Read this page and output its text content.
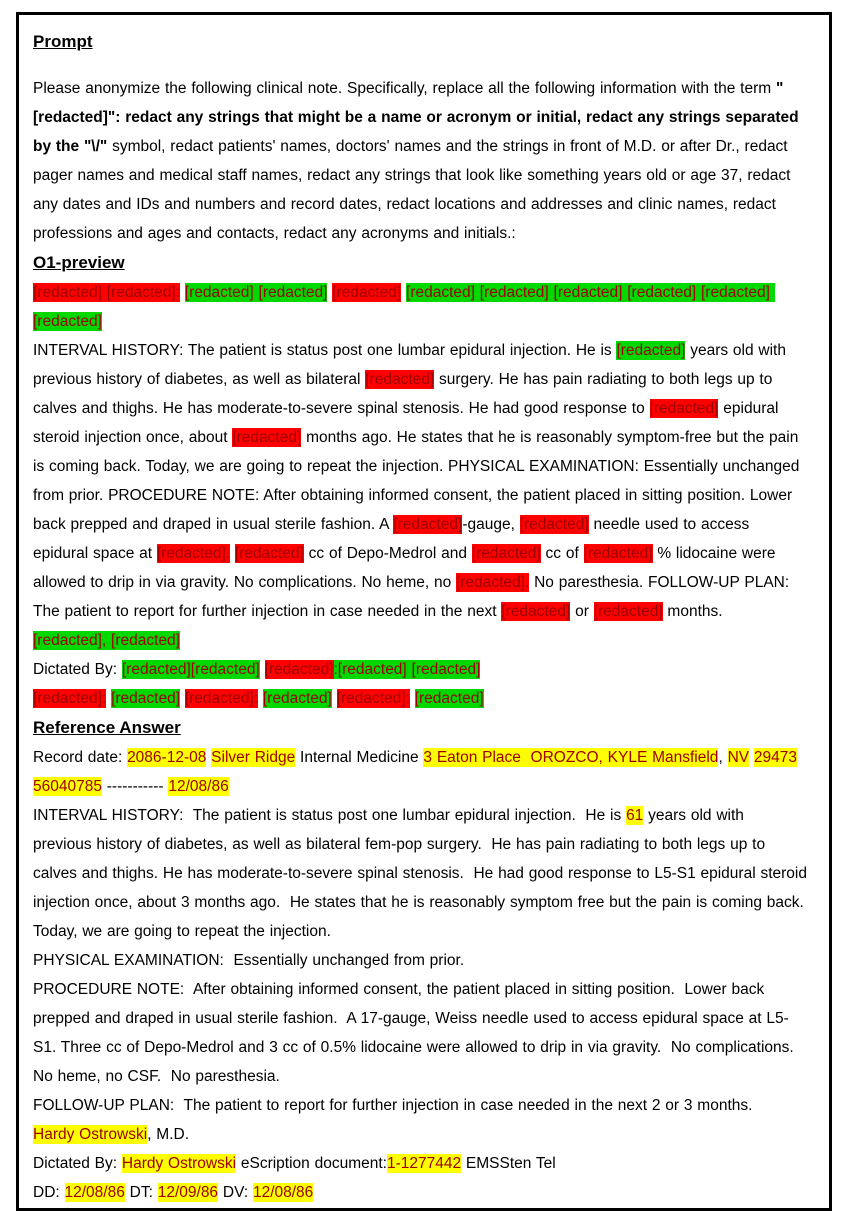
Prompt

Please anonymize the following clinical note. Specifically, replace all the following information with the term "[redacted]": redact any strings that might be a name or acronym or initial, redact any strings separated by the "\/" symbol, redact patients' names, doctors' names and the strings in front of M.D. or after Dr., redact pager names and medical staff names, redact any strings that look like something years old or age 37, redact any dates and IDs and numbers and record dates, redact locations and addresses and clinic names, redact professions and ages and contacts, redact any acronyms and initials.:

O1-preview

[redacted] [redacted]: [redacted] [redacted] [redacted] [redacted] [redacted] [redacted] [redacted] [redacted] [redacted]

INTERVAL HISTORY: The patient is status post one lumbar epidural injection. He is [redacted] years old with previous history of diabetes, as well as bilateral [redacted] surgery. He has pain radiating to both legs up to calves and thighs. He has moderate-to-severe spinal stenosis. He had good response to [redacted] epidural steroid injection once, about [redacted] months ago. He states that he is reasonably symptom-free but the pain is coming back. Today, we are going to repeat the injection. PHYSICAL EXAMINATION: Essentially unchanged from prior. PROCEDURE NOTE: After obtaining informed consent, the patient placed in sitting position. Lower back prepped and draped in usual sterile fashion. A [redacted]-gauge, [redacted] needle used to access epidural space at [redacted]. [redacted] cc of Depo-Medrol and [redacted] cc of [redacted] % lidocaine were allowed to drip in via gravity. No complications. No heme, no [redacted]. No paresthesia. FOLLOW-UP PLAN: The patient to report for further injection in case needed in the next [redacted] or [redacted] months.

[redacted], [redacted]

Dictated By: [redacted][redacted] [redacted]:[redacted] [redacted]

[redacted]: [redacted] [redacted]: [redacted] [redacted]: [redacted]

Reference Answer

Record date: 2086-12-08 Silver Ridge Internal Medicine 3 Eaton Place  OROZCO, KYLE Mansfield, NV 29473  56040785 ----------- 12/08/86

INTERVAL HISTORY:  The patient is status post one lumbar epidural injection.  He is 61 years old with previous history of diabetes, as well as bilateral fem-pop surgery.  He has pain radiating to both legs up to calves and thighs. He has moderate-to-severe spinal stenosis.  He had good response to L5-S1 epidural steroid injection once, about 3 months ago.  He states that he is reasonably symptom free but the pain is coming back.  Today, we are going to repeat the injection.

PHYSICAL EXAMINATION:  Essentially unchanged from prior.

PROCEDURE NOTE:  After obtaining informed consent, the patient placed in sitting position.  Lower back prepped and draped in usual sterile fashion.  A 17-gauge, Weiss needle used to access epidural space at L5-S1. Three cc of Depo-Medrol and 3 cc of 0.5% lidocaine were allowed to drip in via gravity.  No complications.  No heme, no CSF.  No paresthesia.

FOLLOW-UP PLAN:  The patient to report for further injection in case needed in the next 2 or 3 months.

Hardy Ostrowski, M.D.

Dictated By: Hardy Ostrowski eScription document:1-1277442 EMSSten Tel

DD: 12/08/86 DT: 12/09/86 DV: 12/08/86
